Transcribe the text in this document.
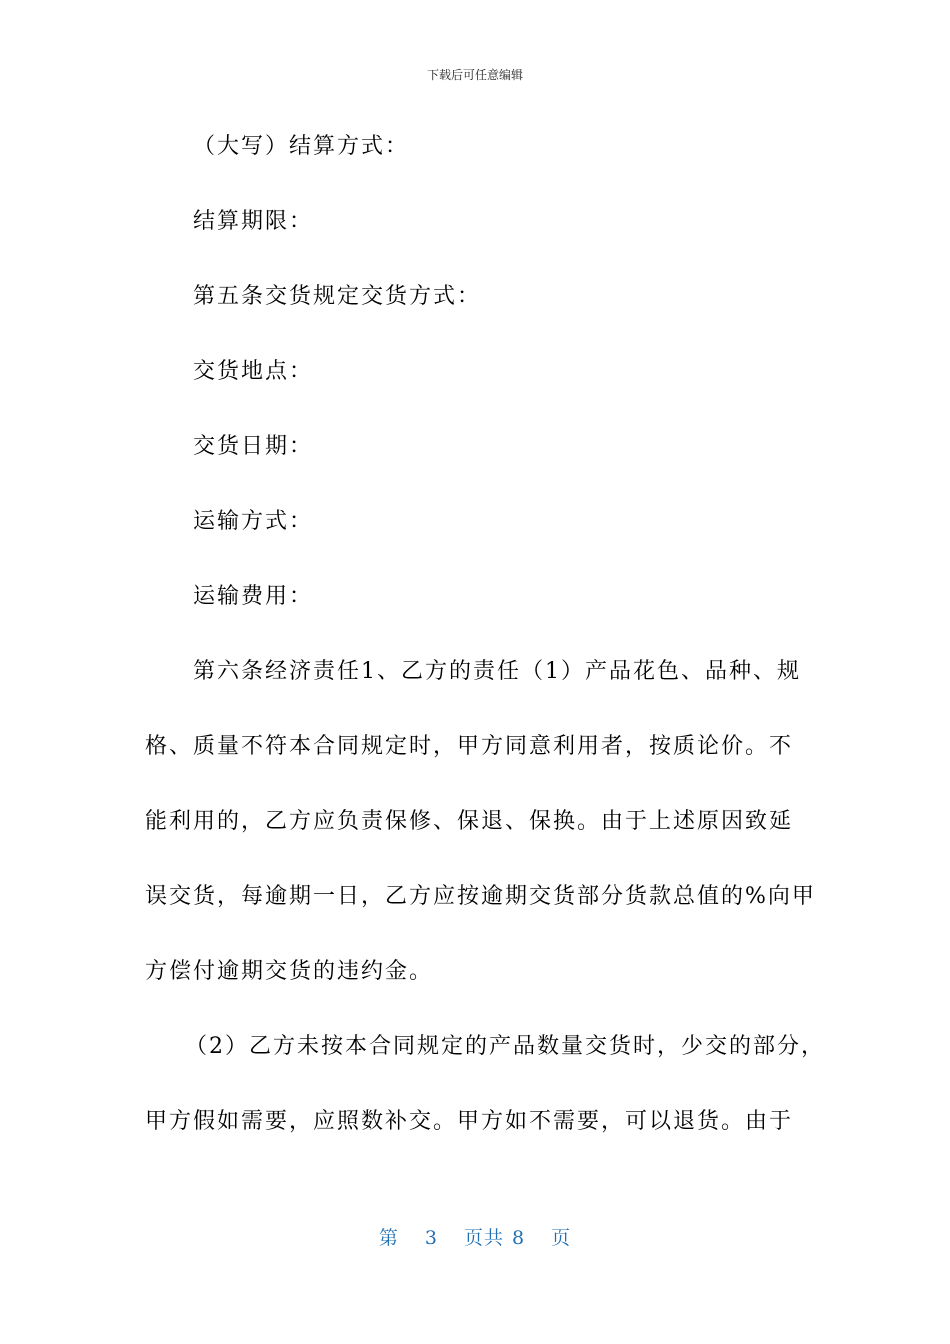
下载后可任意编辑
（大写）结算方式：
结算期限：
第五条交货规定交货方式：
交货地点：
交货日期：
运输方式：
运输费用：
第六条经济责任1、乙方的责任（1）产品花色、品种、规
格、质量不符本合同规定时，甲方同意利用者，按质论价。不
能利用的，乙方应负责保修、保退、保换。由于上述原因致延
误交货，每逾期一日，乙方应按逾期交货部分货款总值的%向甲
方偿付逾期交货的违约金。
（2）乙方未按本合同规定的产品数量交货时，少交的部分，
甲方假如需要，应照数补交。甲方如不需要，可以退货。由于
第 3 页共 8 页
